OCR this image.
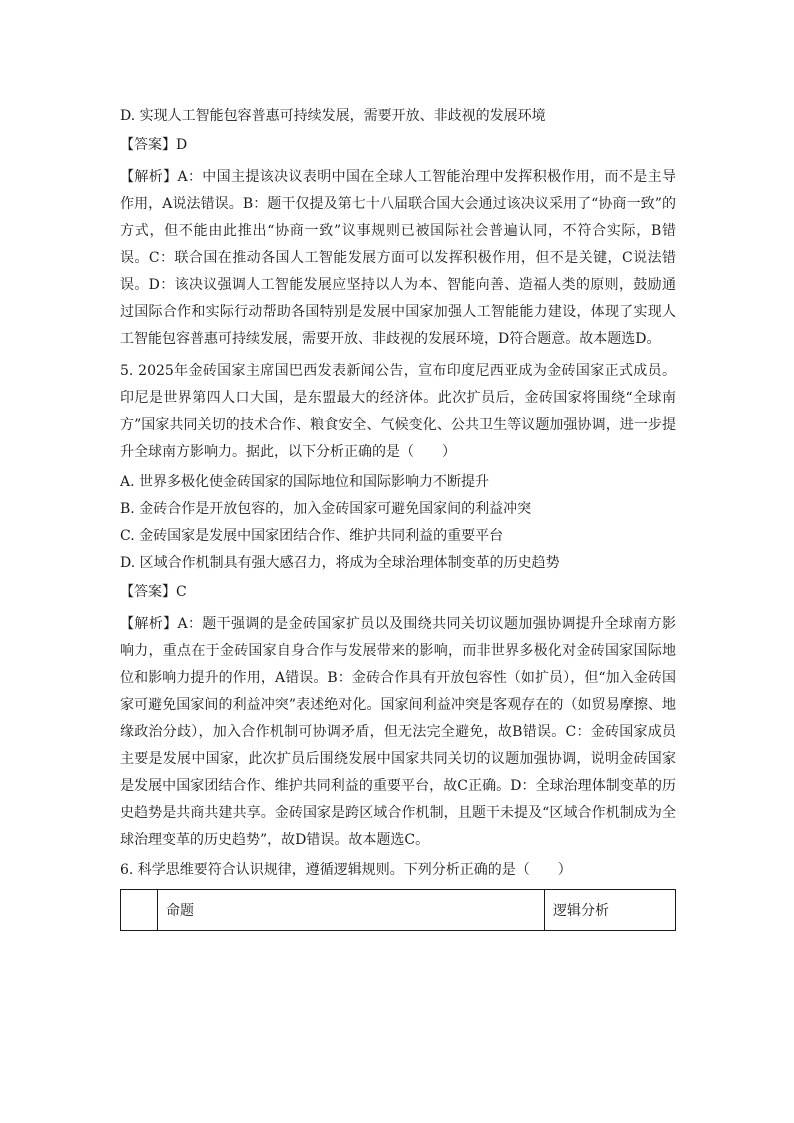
D. 实现人工智能包容普惠可持续发展，需要开放、非歧视的发展环境

【答案】D

【解析】A：中国主提该决议表明中国在全球人工智能治理中发挥积极作用，而不是主导作用，A说法错误。B：题干仅提及第七十八届联合国大会通过该决议采用了“协商一致”的方式，但不能由此推出“协商一致”议事规则已被国际社会普遍认同，不符合实际，B错误。C：联合国在推动各国人工智能发展方面可以发挥积极作用，但不是关键，C说法错误。D：该决议强调人工智能发展应坚持以人为本、智能向善、造福人类的原则，鼓励通过国际合作和实际行动帮助各国特别是发展中国家加强人工智能能力建设，体现了实现人工智能包容普惠可持续发展，需要开放、非歧视的发展环境，D符合题意。故本题选D。

5. 2025年金砖国家主席国巴西发表新闻公告，宣布印度尼西亚成为金砖国家正式成员。印尼是世界第四人口大国，是东盟最大的经济体。此次扩员后，金砖国家将围绕“全球南方”国家共同关切的技术合作、粮食安全、气候变化、公共卫生等议题加强协调，进一步提升全球南方影响力。据此，以下分析正确的是（　　）

A. 世界多极化使金砖国家的国际地位和国际影响力不断提升

B. 金砖合作是开放包容的，加入金砖国家可避免国家间的利益冲突

C. 金砖国家是发展中国家团结合作、维护共同利益的重要平台

D. 区域合作机制具有强大感召力，将成为全球治理体制变革的历史趋势

【答案】C

【解析】A：题干强调的是金砖国家扩员以及围绕共同关切议题加强协调提升全球南方影响力，重点在于金砖国家自身合作与发展带来的影响，而非世界多极化对金砖国家国际地位和影响力提升的作用，A错误。B：金砖合作具有开放包容性（如扩员），但“加入金砖国家可避免国家间的利益冲突”表述绝对化。国家间利益冲突是客观存在的（如贸易摩擦、地缘政治分歧），加入合作机制可协调矛盾，但无法完全避免，故B错误。C：金砖国家成员主要是发展中国家，此次扩员后围绕发展中国家共同关切的议题加强协调，说明金砖国家是发展中国家团结合作、维护共同利益的重要平台，故C正确。D：全球治理体制变革的历史趋势是共商共建共享。金砖国家是跨区域合作机制，且题干未提及“区域合作机制成为全球治理变革的历史趋势”，故D错误。故本题选C。

6. 科学思维要符合认识规律，遵循逻辑规则。下列分析正确的是（　　）

	命题	逻辑分析
